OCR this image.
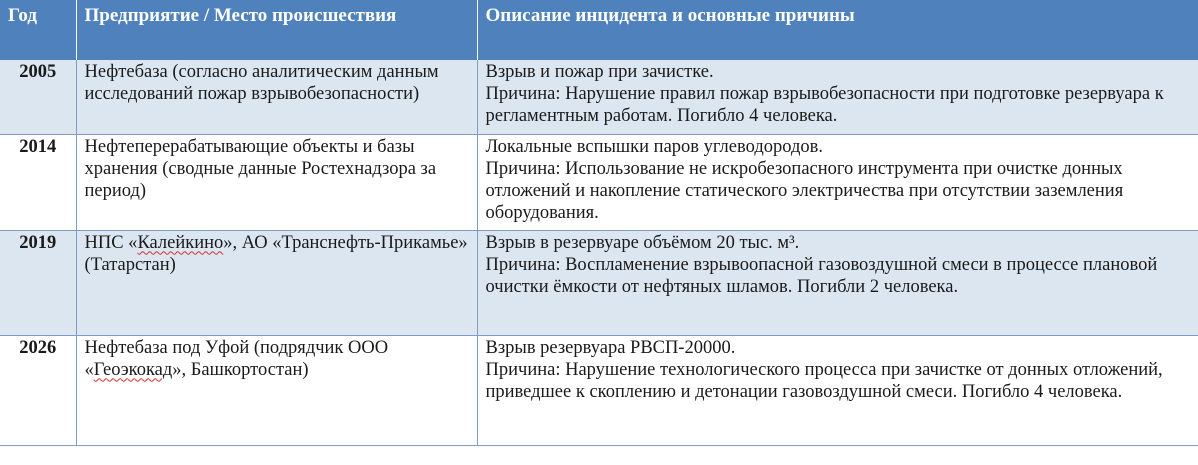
Год	Предприятие / Место происшествия	Описание инцидента и основные причины
2005	Нефтебаза (согласно аналитическим данным исследований пожар взрывобезопасности)	Взрыв и пожар при зачистке.
Причина: Нарушение правил пожар взрывобезопасности при подготовке резервуара к регламентным работам. Погибло 4 человека.

2014	Нефтеперерабатывающие объекты и базы хранения (сводные данные Ростехнадзора за период)	Локальные вспышки паров углеводородов.
Причина: Использование не искробезопасного инструмента при очистке донных отложений и накопление статического электричества при отсутствии заземления оборудования.

2019	НПС «Калейкино», АО «Транснефть-Прикамье» (Татарстан)	Взрыв в резервуаре объёмом 20 тыс. м³.
Причина: Воспламенение взрывоопасной газовоздушной смеси в процессе плановой очистки ёмкости от нефтяных шламов. Погибли 2 человека.

2026	Нефтебаза под Уфой (подрядчик ООО «Геоэкокад», Башкортостан)	Взрыв резервуара РВСП-20000.
Причина: Нарушение технологического процесса при зачистке от донных отложений, приведшее к скоплению и детонации газовоздушной смеси. Погибло 4 человека.
